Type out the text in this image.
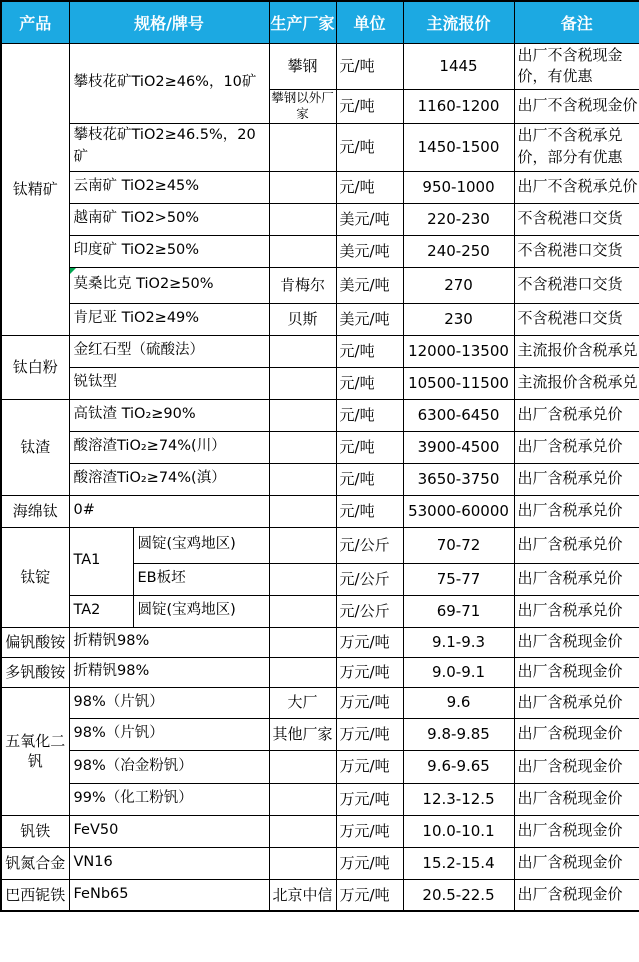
产品	规格/牌号		生产厂家	单位	主流报价	备注
钛精矿	攀枝花矿TiO2≥46%，10矿		攀钢	元/吨	1445	出厂不含税现金价，有优惠
			攀钢以外厂家	元/吨	1160-1200	出厂不含税现金价
	攀枝花矿TiO2≥46.5%，20矿			元/吨	1450-1500	出厂不含税承兑价，部分有优惠
	云南矿 TiO2≥45%			元/吨	950-1000	出厂不含税承兑价
	越南矿 TiO2>50%			美元/吨	220-230	不含税港口交货
	印度矿 TiO2≥50%			美元/吨	240-250	不含税港口交货
	莫桑比克 TiO2≥50%		肯梅尔	美元/吨	270	不含税港口交货
	肯尼亚 TiO2≥49%		贝斯	美元/吨	230	不含税港口交货
钛白粉	金红石型（硫酸法）			元/吨	12000-13500	主流报价含税承兑
	锐钛型			元/吨	10500-11500	主流报价含税承兑
钛渣	高钛渣 TiO₂≥90%			元/吨	6300-6450	出厂含税承兑价
	酸溶渣TiO₂≥74%(川）			元/吨	3900-4500	出厂含税承兑价
	酸溶渣TiO₂≥74%(滇）			元/吨	3650-3750	出厂含税承兑价
海绵钛	0#			元/吨	53000-60000	出厂含税承兑价
钛锭	TA1	圆锭(宝鸡地区)		元/公斤	70-72	出厂含税承兑价
		EB板坯		元/公斤	75-77	出厂含税承兑价
	TA2	圆锭(宝鸡地区)		元/公斤	69-71	出厂含税承兑价
偏钒酸铵	折精钒98%			万元/吨	9.1-9.3	出厂含税现金价
多钒酸铵	折精钒98%			万元/吨	9.0-9.1	出厂含税现金价
五氧化二钒	98%（片钒）		大厂	万元/吨	9.6	出厂含税承兑价
	98%（片钒）		其他厂家	万元/吨	9.8-9.85	出厂含税现金价
	98%（冶金粉钒）			万元/吨	9.6-9.65	出厂含税现金价
	99%（化工粉钒）			万元/吨	12.3-12.5	出厂含税现金价
钒铁	FeV50			万元/吨	10.0-10.1	出厂含税现金价
钒氮合金	VN16			万元/吨	15.2-15.4	出厂含税现金价
巴西铌铁	FeNb65		北京中信	万元/吨	20.5-22.5	出厂含税现金价
